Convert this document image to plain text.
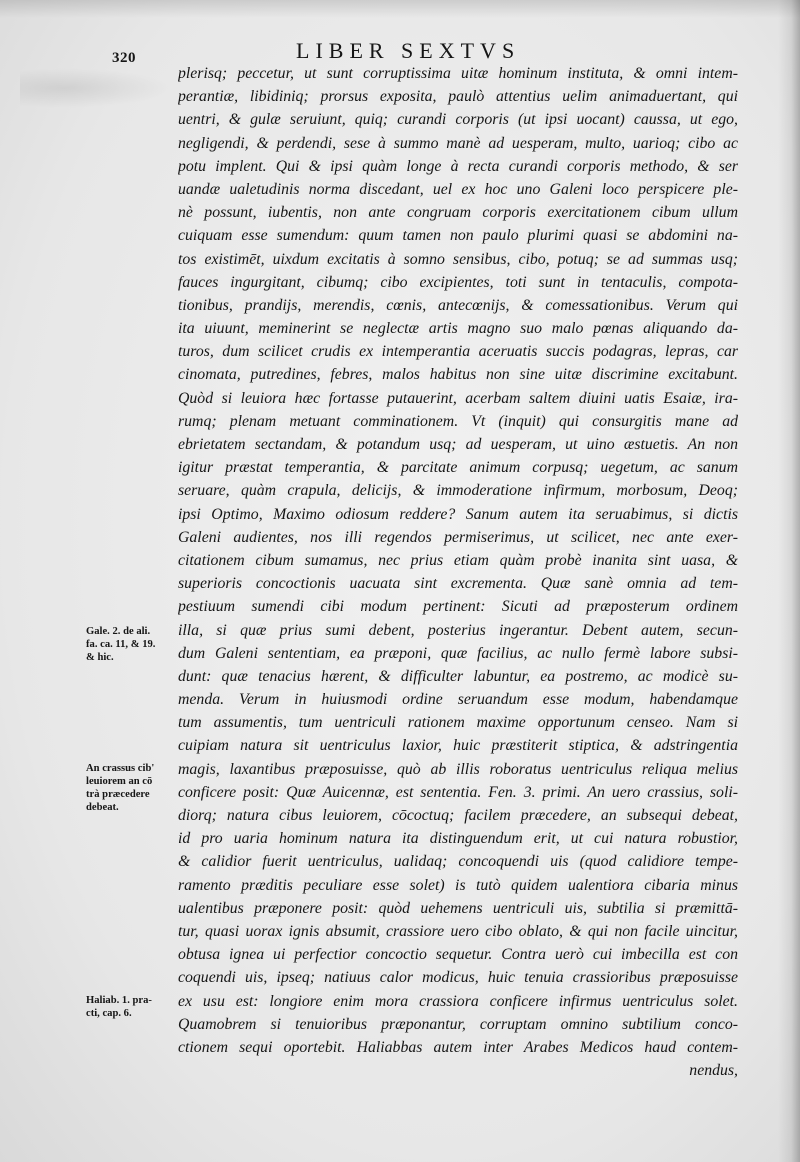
320	LIBER SEXTVS
plerisq; peccetur, ut sunt corruptissima uitæ hominum instituta, & omni intem-
perantiæ, libidiniq; prorsus exposita, paulò attentius uelim animaduertant, qui
uentri, & gulæ seruiunt, quiq; curandi corporis (ut ipsi uocant) caussa, ut ego,
negligendi, & perdendi, sese à summo manè ad uesperam, multo, uarioq; cibo ac
potu implent. Qui & ipsi quàm longe à recta curandi corporis methodo, & ser
uandæ ualetudinis norma discedant, uel ex hoc uno Galeni loco perspicere ple-
nè possunt, iubentis, non ante congruam corporis exercitationem cibum ullum
cuiquam esse sumendum: quum tamen non paulo plurimi quasi se abdomini na-
tos existimēt, uixdum excitatis à somno sensibus, cibo, potuq; se ad summas usq;
fauces ingurgitant, cibumq; cibo excipientes, toti sunt in tentaculis, compota-
tionibus, prandijs, merendis, cœnis, antecœnijs, & comessationibus. Verum qui
ita uiuunt, meminerint se neglectæ artis magno suo malo pœnas aliquando da-
turos, dum scilicet crudis ex intemperantia aceruatis succis podagras, lepras, car
cinomata, putredines, febres, malos habitus non sine uitæ discrimine excitabunt.
Quòd si leuiora hæc fortasse putauerint, acerbam saltem diuini uatis Esaiæ, ira-
rumq; plenam metuant comminationem. Vt (inquit) qui consurgitis mane ad
ebrietatem sectandam, & potandum usq; ad uesperam, ut uino æstuetis. An non
igitur præstat temperantia, & parcitate animum corpusq; uegetum, ac sanum
seruare, quàm crapula, delicijs, & immoderatione infirmum, morbosum, Deoq;
ipsi Optimo, Maximo odiosum reddere? Sanum autem ita seruabimus, si dictis
Galeni audientes, nos illi regendos permiserimus, ut scilicet, nec ante exer-
citationem cibum sumamus, nec prius etiam quàm probè inanita sint uasa, &
superioris concoctionis uacuata sint excrementa. Quæ sanè omnia ad tem-
pestiuum sumendi cibi modum pertinent: Sicuti ad præposterum ordinem
illa, si quæ prius sumi debent, posterius ingerantur. Debent autem, secun-
dum Galeni sententiam, ea præponi, quæ facilius, ac nullo fermè labore subsi-
dunt: quæ tenacius hærent, & difficulter labuntur, ea postremo, ac modicè su-
menda. Verum in huiusmodi ordine seruandum esse modum, habendamque
tum assumentis, tum uentriculi rationem maxime opportunum censeo. Nam si
cuipiam natura sit uentriculus laxior, huic præstiterit stiptica, & adstringentia
magis, laxantibus præposuisse, quò ab illis roboratus uentriculus reliqua melius
conficere posit: Quæ Auicennæ, est sententia. Fen. 3. primi. An uero crassius, soli-
diorq; natura cibus leuiorem, cōcoctuq; facilem præcedere, an subsequi debeat,
id pro uaria hominum natura ita distinguendum erit, ut cui natura robustior,
& calidior fuerit uentriculus, ualidaq; concoquendi uis (quod calidiore tempe-
ramento præditis peculiare esse solet) is tutò quidem ualentiora cibaria minus
ualentibus præponere posit: quòd uehemens uentriculi uis, subtilia si præmittā-
tur, quasi uorax ignis absumit, crassiore uero cibo oblato, & qui non facile uincitur,
obtusa ignea ui perfectior concoctio sequetur. Contra uerò cui imbecilla est con
coquendi uis, ipseq; natiuus calor modicus, huic tenuia crassioribus præposuisse
ex usu est: longiore enim mora crassiora conficere infirmus uentriculus solet.
Quamobrem si tenuioribus præponantur, corruptam omnino subtilium conco-
ctionem sequi oportebit. Haliabbas autem inter Arabes Medicos haud contem-
nendus,
Gale. 2. de ali.
fa. ca. 11, & 19.
& hic.
An crassus cib'
leuiorem an cō
trà præcedere
debeat.
Haliab. 1. pra-
cti, cap. 6.
